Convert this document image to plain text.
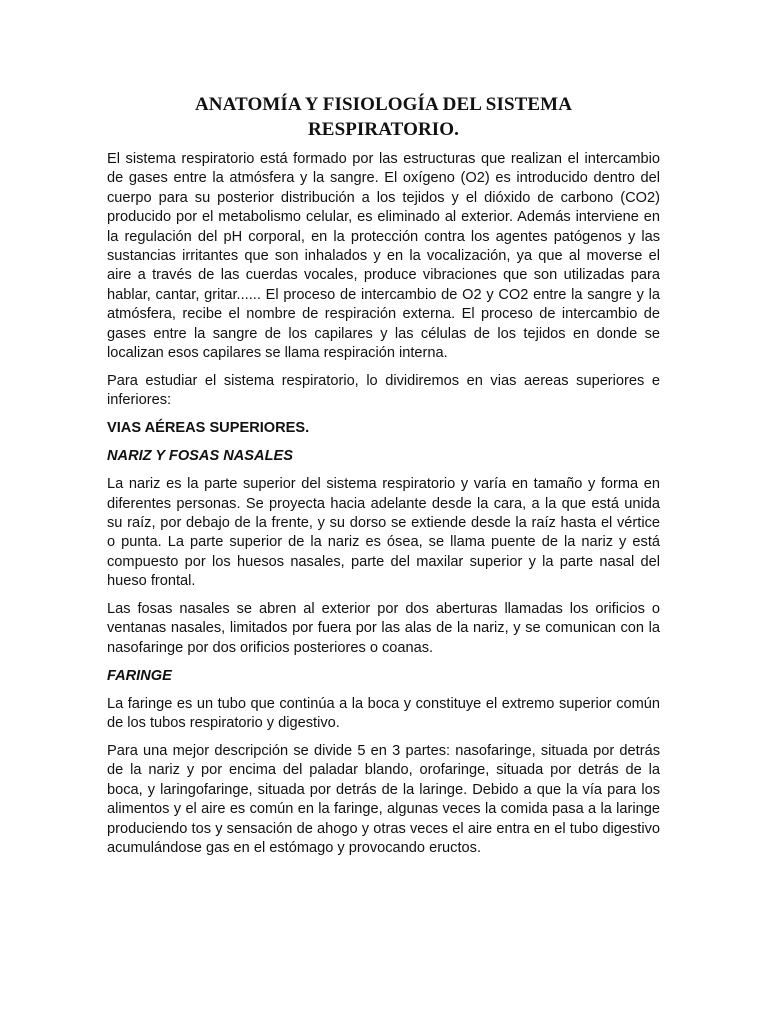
ANATOMÍA Y FISIOLOGÍA DEL SISTEMA
RESPIRATORIO.

El sistema respiratorio está formado por las estructuras que realizan el intercambio de gases entre la atmósfera y la sangre. El oxígeno (O2) es introducido dentro del cuerpo para su posterior distribución a los tejidos y el dióxido de carbono (CO2) producido por el metabolismo celular, es eliminado al exterior. Además interviene en la regulación del pH corporal, en la protección contra los agentes patógenos y las sustancias irritantes que son inhalados y en la vocalización, ya que al moverse el aire a través de las cuerdas vocales, produce vibraciones que son utilizadas para hablar, cantar, gritar...... El proceso de intercambio de O2 y CO2 entre la sangre y la atmósfera, recibe el nombre de respiración externa. El proceso de intercambio de gases entre la sangre de los capilares y las células de los tejidos en donde se localizan esos capilares se llama respiración interna.

Para estudiar el sistema respiratorio, lo dividiremos en vias aereas superiores e inferiores:

VIAS AÉREAS SUPERIORES.
NARIZ Y FOSAS NASALES

La nariz es la parte superior del sistema respiratorio y varía en tamaño y forma en diferentes personas. Se proyecta hacia adelante desde la cara, a la que está unida su raíz, por debajo de la frente, y su dorso se extiende desde la raíz hasta el vértice o punta. La parte superior de la nariz es ósea, se llama puente de la nariz y está compuesto por los huesos nasales, parte del maxilar superior y la parte nasal del hueso frontal.

Las fosas nasales se abren al exterior por dos aberturas llamadas los orificios o ventanas nasales, limitados por fuera por las alas de la nariz, y se comunican con la nasofaringe por dos orificios posteriores o coanas.

FARINGE

La faringe es un tubo que continúa a la boca y constituye el extremo superior común de los tubos respiratorio y digestivo.

Para una mejor descripción se divide 5 en 3 partes: nasofaringe, situada por detrás de la nariz y por encima del paladar blando, orofaringe, situada por detrás de la boca, y laringofaringe, situada por detrás de la laringe. Debido a que la vía para los alimentos y el aire es común en la faringe, algunas veces la comida pasa a la laringe produciendo tos y sensación de ahogo y otras veces el aire entra en el tubo digestivo acumulándose gas en el estómago y provocando eructos.
